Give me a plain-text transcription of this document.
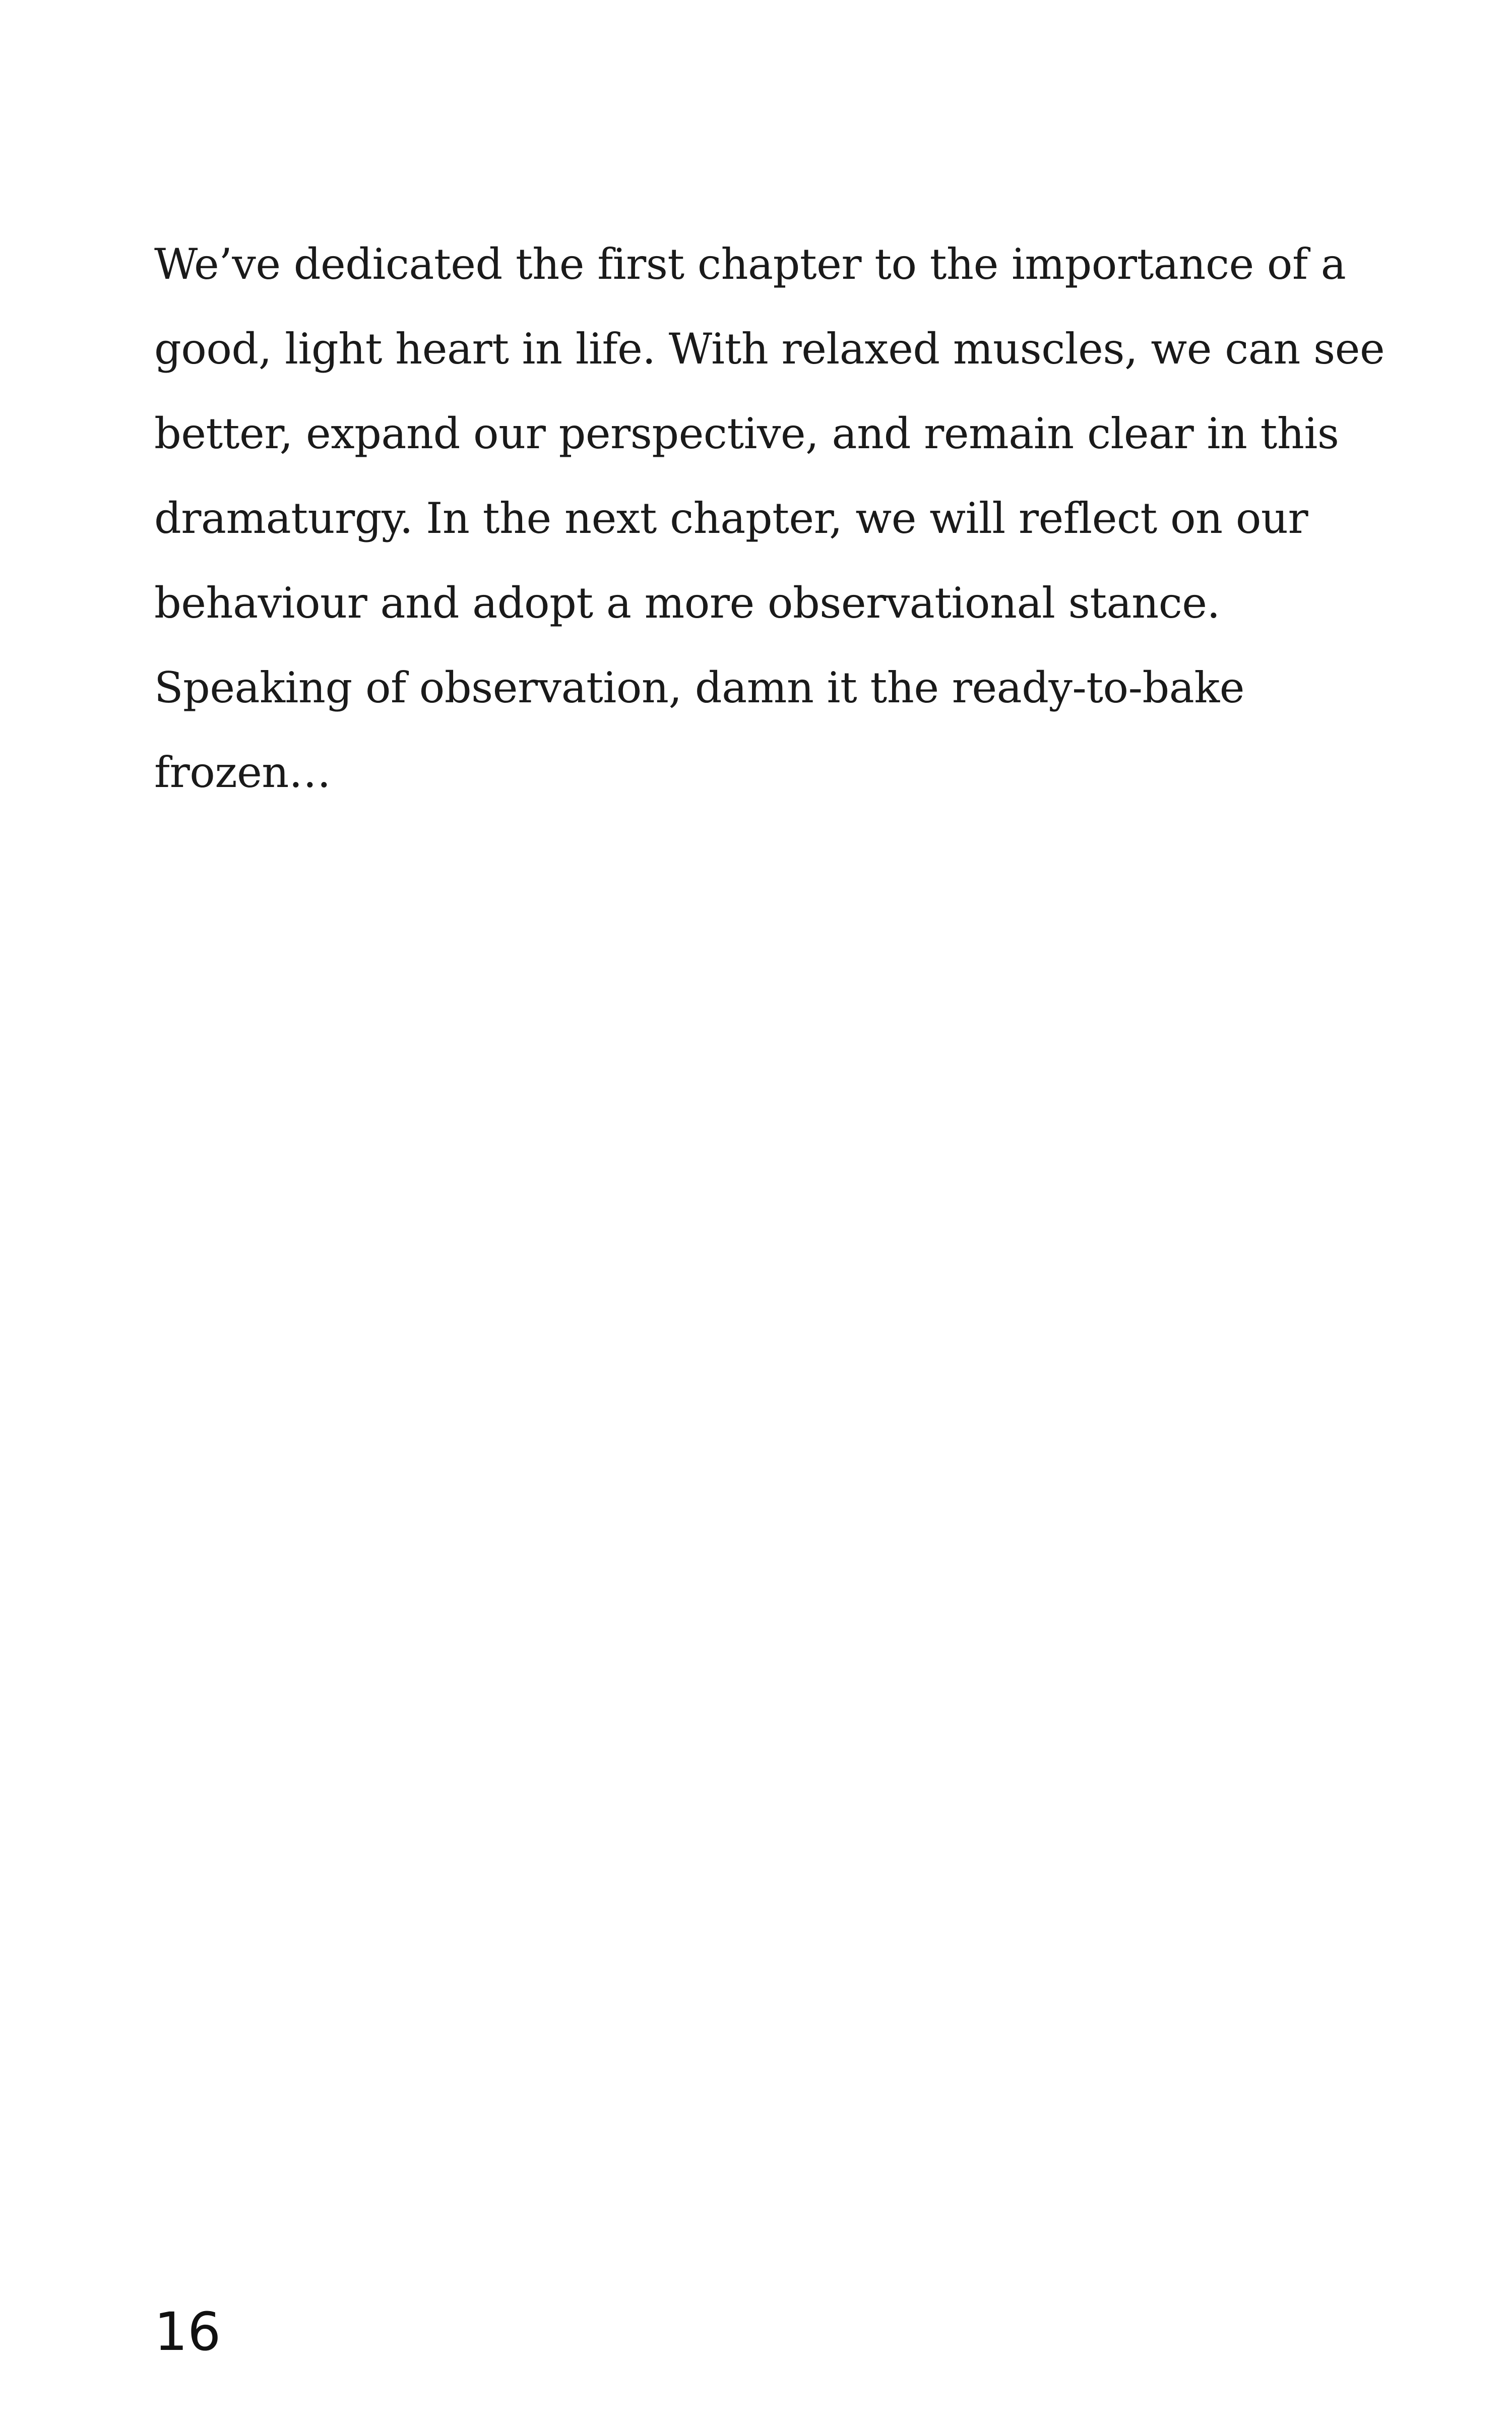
We’ve dedicated the first chapter to the importance of a
good, light heart in life. With relaxed muscles, we can see
better, expand our perspective, and remain clear in this
dramaturgy. In the next chapter, we will reflect on our
behaviour and adopt a more observational stance.
Speaking of observation, damn it the ready-to-bake
frozen…

16
